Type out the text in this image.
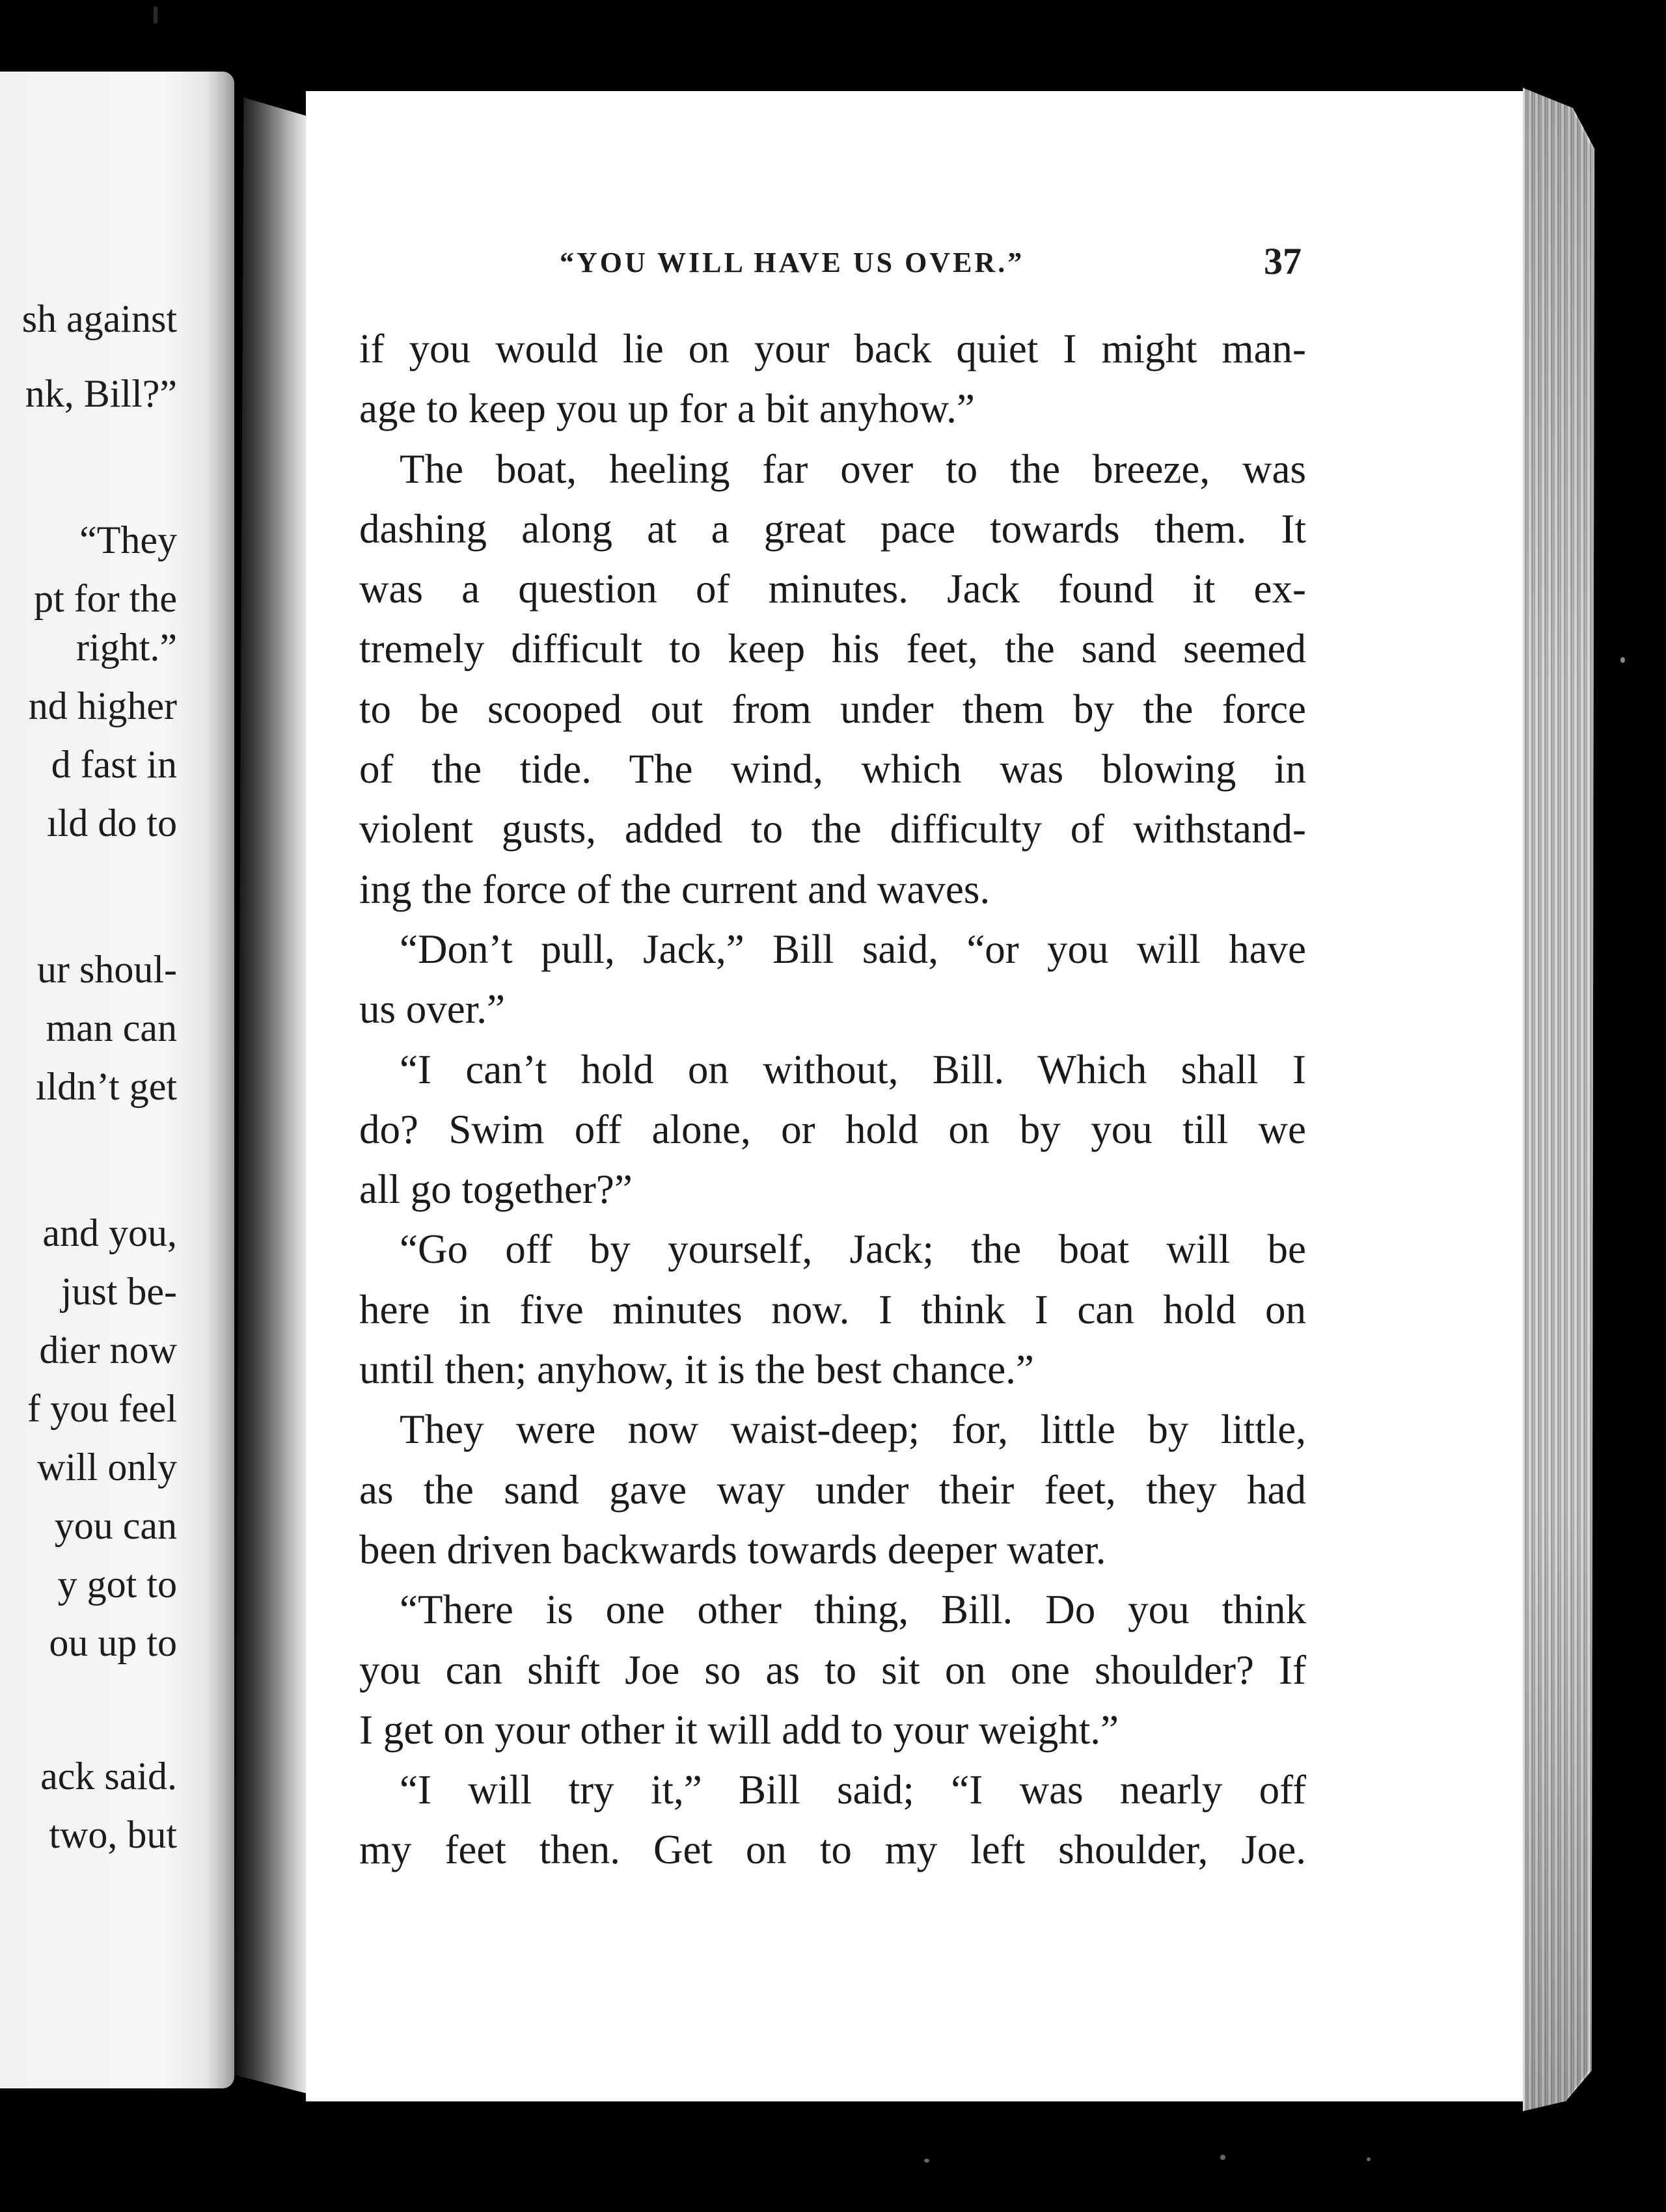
sh against
nk, Bill?”
“They
pt for the
right.”
nd higher
d fast in
ıld do to
ur shoul-
man can
ıldn’t get
and you,
just be-
dier now
f you feel
will only
you can
y got to
ou up to
ack said.
two, but
“YOU WILL HAVE US OVER.”	37
if you would lie on your back quiet I might man-
age to keep you up for a bit anyhow.”
The boat, heeling far over to the breeze, was
dashing along at a great pace towards them. It
was a question of minutes. Jack found it ex-
tremely difficult to keep his feet, the sand seemed
to be scooped out from under them by the force
of the tide. The wind, which was blowing in
violent gusts, added to the difficulty of withstand-
ing the force of the current and waves.
“Don’t pull, Jack,” Bill said, “or you will have
us over.”
“I can’t hold on without, Bill. Which shall I
do? Swim off alone, or hold on by you till we
all go together?”
“Go off by yourself, Jack; the boat will be
here in five minutes now. I think I can hold on
until then; anyhow, it is the best chance.”
They were now waist-deep; for, little by little,
as the sand gave way under their feet, they had
been driven backwards towards deeper water.
“There is one other thing, Bill. Do you think
you can shift Joe so as to sit on one shoulder? If
I get on your other it will add to your weight.”
“I will try it,” Bill said; “I was nearly off
my feet then. Get on to my left shoulder, Joe.
